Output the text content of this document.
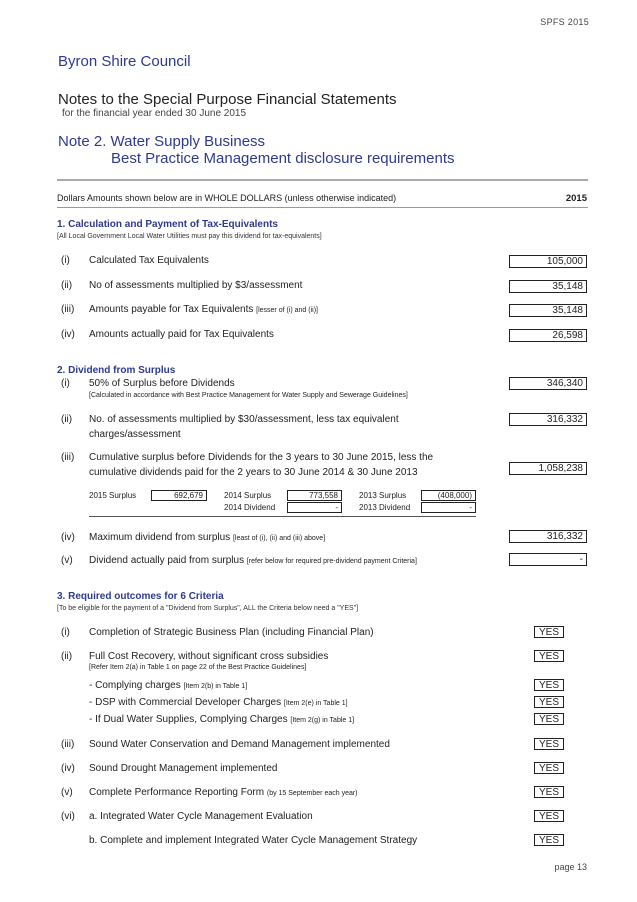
SPFS 2015
Byron Shire Council
Notes to the Special Purpose Financial Statements
for the financial year ended 30 June 2015
Note 2. Water Supply Business
Best Practice Management disclosure requirements
Dollars Amounts shown below are in WHOLE DOLLARS (unless otherwise indicated)	2015
1. Calculation and Payment of Tax-Equivalents
[All Local Government Local Water Utilities must pay this dividend for tax-equivalents]
(i) Calculated Tax Equivalents	105,000
(ii) No of assessments multiplied by $3/assessment	35,148
(iii) Amounts payable for Tax Equivalents [lesser of (i) and (ii)]	35,148
(iv) Amounts actually paid for Tax Equivalents	26,598
2. Dividend from Surplus
(i) 50% of Surplus before Dividends
[Calculated in accordance with Best Practice Management for Water Supply and Sewerage Guidelines]
346,340
(ii) No. of assessments multiplied by $30/assessment, less tax equivalent
charges/assessment
316,332
(iii) Cumulative surplus before Dividends for the 3 years to 30 June 2015, less the
cumulative dividends paid for the 2 years to 30 June 2014 & 30 June 2013	1,058,238
2015 Surplus	692,679	2014 Surplus	773,558	2013 Surplus	(408,000)
2014 Dividend	-	2013 Dividend	-
(iv) Maximum dividend from surplus [least of (i), (ii) and (iii) above]	316,332
(v) Dividend actually paid from surplus [refer below for required pre-dividend payment Criteria]	-
3. Required outcomes for 6 Criteria
[To be eligible for the payment of a "Dividend from Surplus", ALL the Criteria below need a "YES"]
(i) Completion of Strategic Business Plan (including Financial Plan)	YES
(ii) Full Cost Recovery, without significant cross subsidies
[Refer Item 2(a) in Table 1 on page 22 of the Best Practice Guidelines]
YES
- Complying charges [Item 2(b) in Table 1]	YES
- DSP with Commercial Developer Charges [Item 2(e) in Table 1]	YES
- If Dual Water Supplies, Complying Charges [Item 2(g) in Table 1]	YES
(iii) Sound Water Conservation and Demand Management implemented	YES
(iv) Sound Drought Management implemented	YES
(v) Complete Performance Reporting Form (by 15 September each year)	YES
(vi) a. Integrated Water Cycle Management Evaluation	YES
b. Complete and implement Integrated Water Cycle Management Strategy	YES
page 13
